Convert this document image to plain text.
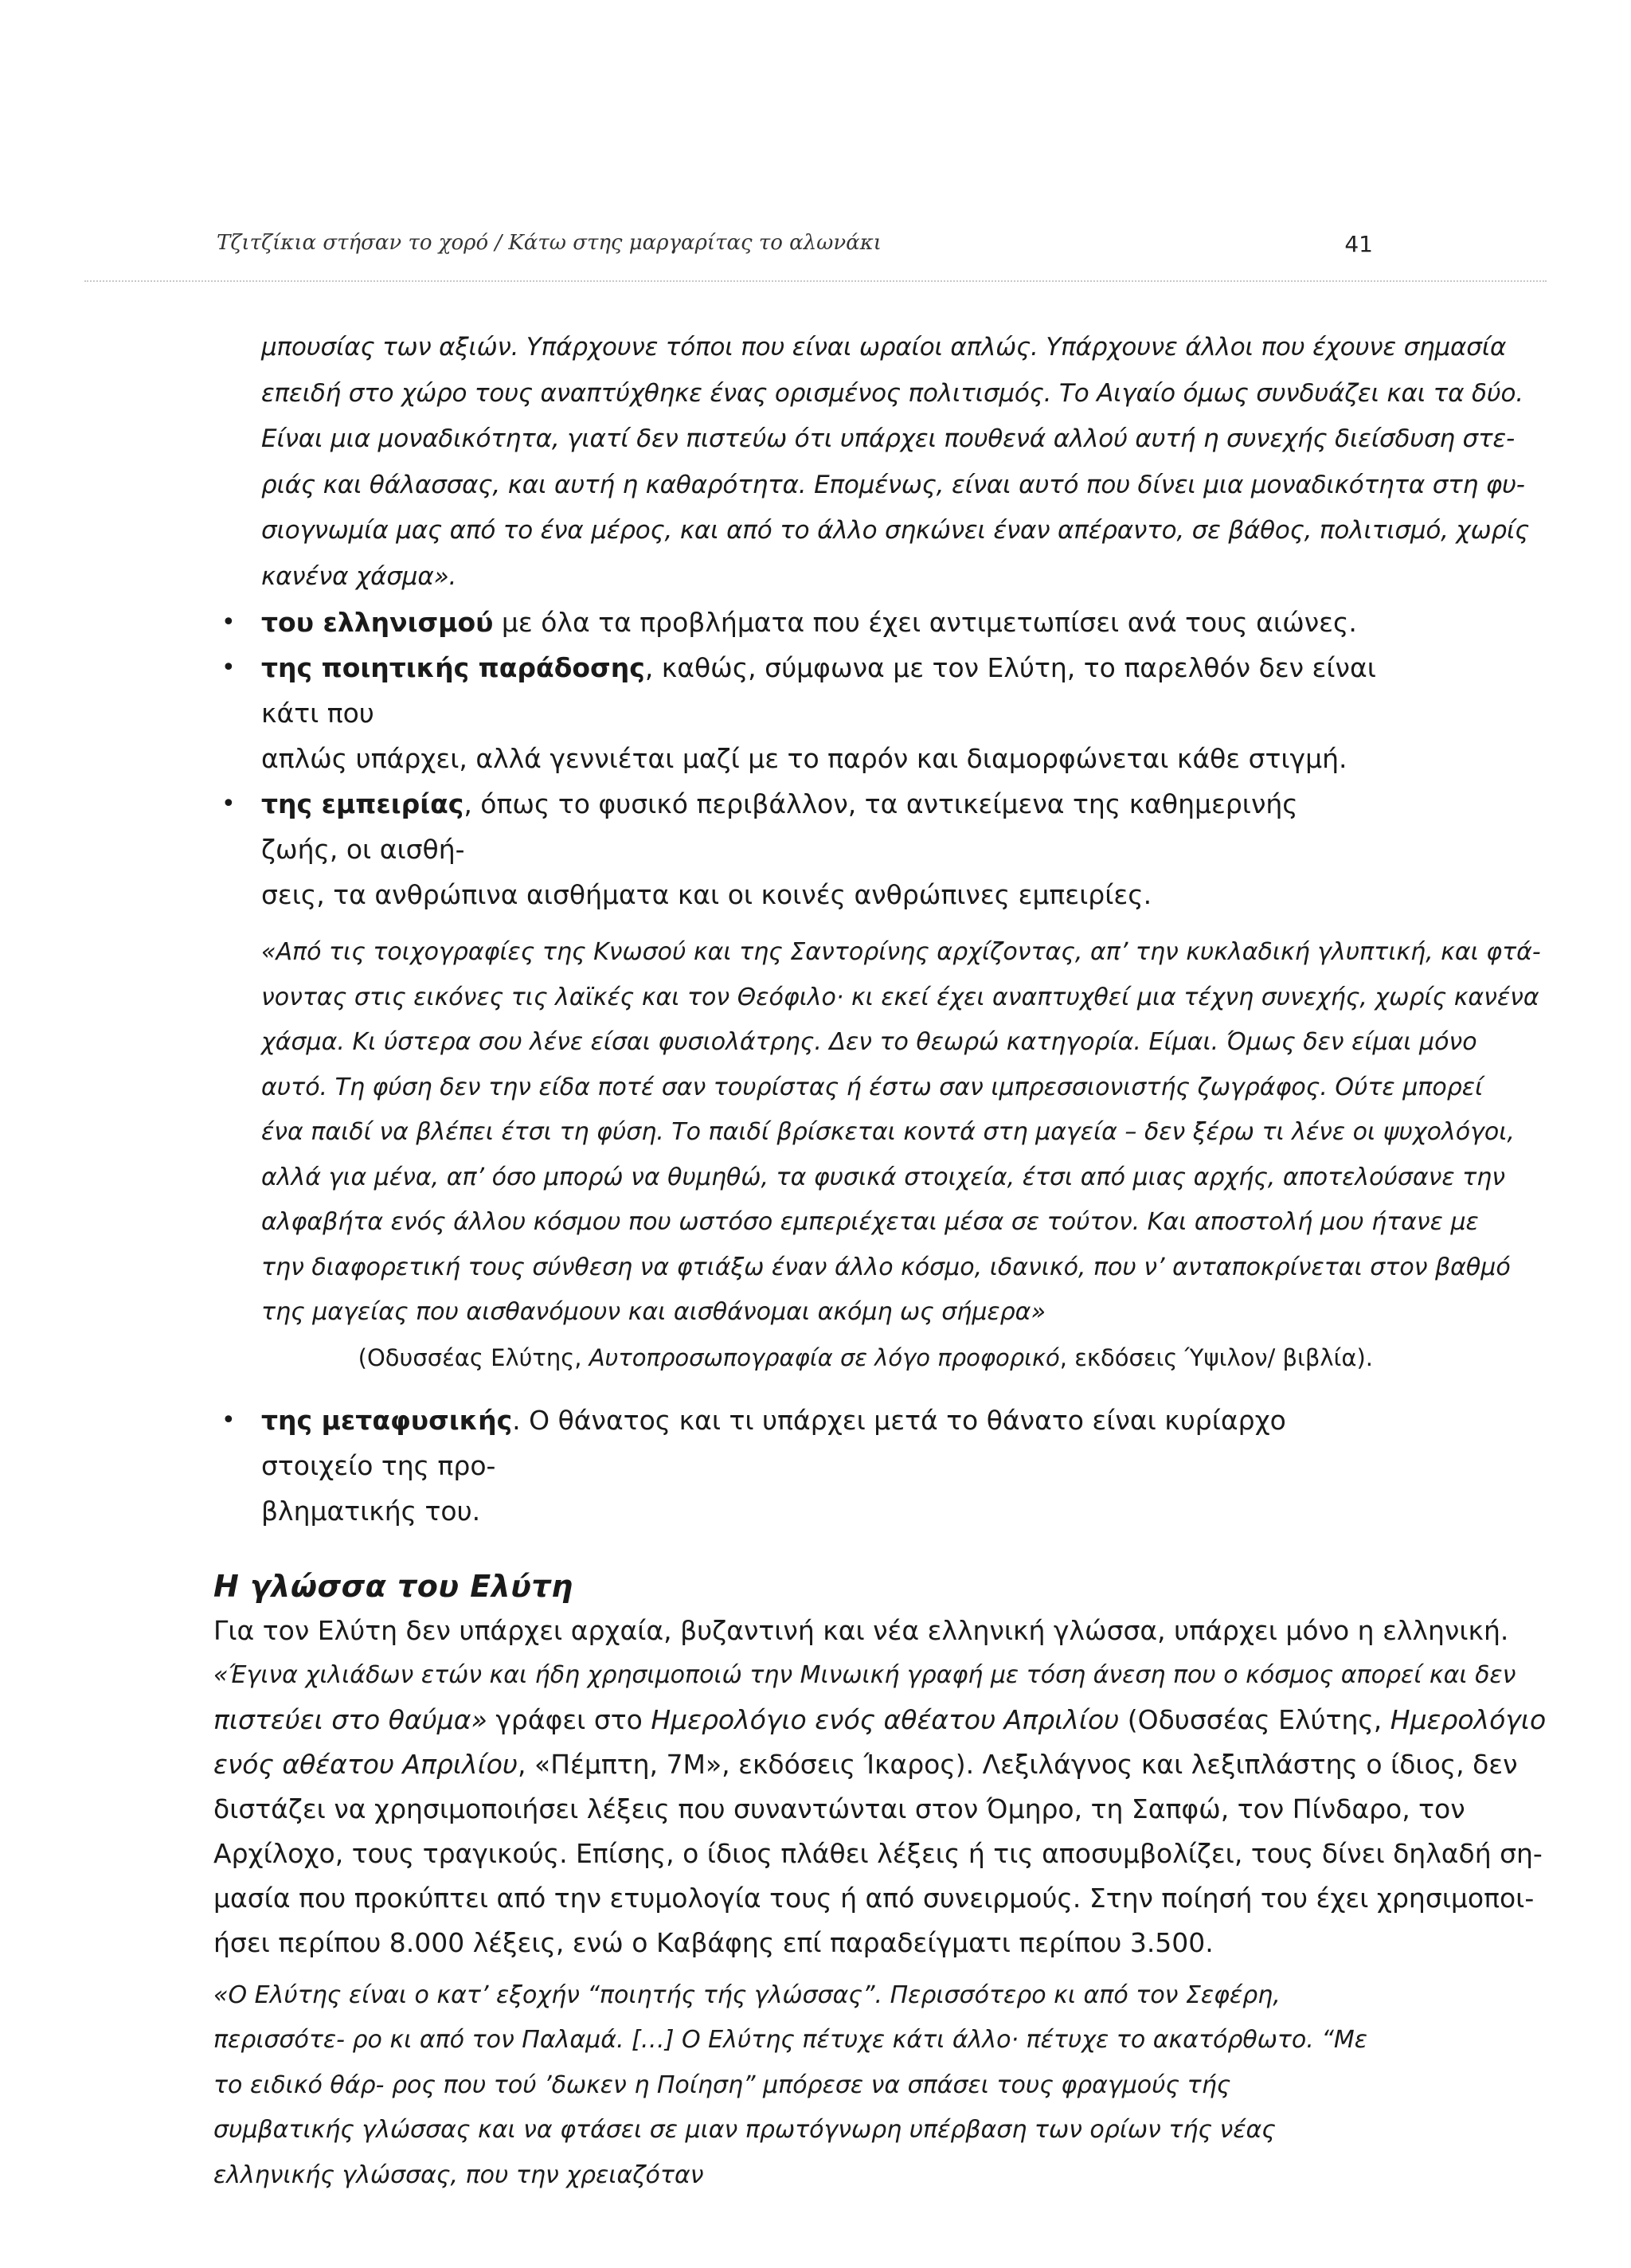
Τζιτζίκια στήσαν το χορό / Κάτω στης μαργαρίτας το αλωνάκι	41
μπουσίας των αξιών. Υπάρχουνε τόποι που είναι ωραίοι απλώς. Υπάρχουνε άλλοι που έχουνε σημασία
επειδή στο χώρο τους αναπτύχθηκε ένας ορισμένος πολιτισμός. Το Αιγαίο όμως συνδυάζει και τα δύο.
Είναι μια μοναδικότητα, γιατί δεν πιστεύω ότι υπάρχει πουθενά αλλού αυτή η συνεχής διείσδυση στε-
ριάς και θάλασσας, και αυτή η καθαρότητα. Επομένως, είναι αυτό που δίνει μια μοναδικότητα στη φυ-
σιογνωμία μας από το ένα μέρος, και από το άλλο σηκώνει έναν απέραντο, σε βάθος, πολιτισμό, χωρίς
κανένα χάσμα».
• του ελληνισμού με όλα τα προβλήματα που έχει αντιμετωπίσει ανά τους αιώνες.
• της ποιητικής παράδοσης, καθώς, σύμφωνα με τον Ελύτη, το παρελθόν δεν είναι κάτι που
απλώς υπάρχει, αλλά γεννιέται μαζί με το παρόν και διαμορφώνεται κάθε στιγμή.
• της εμπειρίας, όπως το φυσικό περιβάλλον, τα αντικείμενα της καθημερινής ζωής, οι αισθή-
σεις, τα ανθρώπινα αισθήματα και οι κοινές ανθρώπινες εμπειρίες.
«Από τις τοιχογραφίες της Κνωσού και της Σαντορίνης αρχίζοντας, απ’ την κυκλαδική γλυπτική, και φτά-
νοντας στις εικόνες τις λαϊκές και τον Θεόφιλο· κι εκεί έχει αναπτυχθεί μια τέχνη συνεχής, χωρίς κανένα
χάσμα. Κι ύστερα σου λένε είσαι φυσιολάτρης. Δεν το θεωρώ κατηγορία. Είμαι. Όμως δεν είμαι μόνο
αυτό. Τη φύση δεν την είδα ποτέ σαν τουρίστας ή έστω σαν ιμπρεσσιονιστής ζωγράφος. Ούτε μπορεί
ένα παιδί να βλέπει έτσι τη φύση. Το παιδί βρίσκεται κοντά στη μαγεία – δεν ξέρω τι λένε οι ψυχολόγοι,
αλλά για μένα, απ’ όσο μπορώ να θυμηθώ, τα φυσικά στοιχεία, έτσι από μιας αρχής, αποτελούσανε την
αλφαβήτα ενός άλλου κόσμου που ωστόσο εμπεριέχεται μέσα σε τούτον. Και αποστολή μου ήτανε με
την διαφορετική τους σύνθεση να φτιάξω έναν άλλο κόσμο, ιδανικό, που ν’ ανταποκρίνεται στον βαθμό
της μαγείας που αισθανόμουν και αισθάνομαι ακόμη ως σήμερα»
(Οδυσσέας Ελύτης, Αυτοπροσωπογραφία σε λόγο προφορικό, εκδόσεις Ύψιλον/ βιβλία).
• της μεταφυσικής. Ο θάνατος και τι υπάρχει μετά το θάνατο είναι κυρίαρχο στοιχείο της προ-
βληματικής του.
Η γλώσσα του Ελύτη
Για τον Ελύτη δεν υπάρχει αρχαία, βυζαντινή και νέα ελληνική γλώσσα, υπάρχει μόνο η ελληνική.
«Έγινα χιλιάδων ετών και ήδη χρησιμοποιώ την Μινωική γραφή με τόση άνεση που ο κόσμος απορεί και δεν
πιστεύει στο θαύμα» γράφει στο Ημερολόγιο ενός αθέατου Απριλίου (Οδυσσέας Ελύτης, Ημερολόγιο
ενός αθέατου Απριλίου, «Πέμπτη, 7Μ», εκδόσεις Ίκαρος). Λεξιλάγνος και λεξιπλάστης ο ίδιος, δεν
διστάζει να χρησιμοποιήσει λέξεις που συναντώνται στον Όμηρο, τη Σαπφώ, τον Πίνδαρο, τον
Αρχίλοχο, τους τραγικούς. Επίσης, ο ίδιος πλάθει λέξεις ή τις αποσυμβολίζει, τους δίνει δηλαδή ση-
μασία που προκύπτει από την ετυμολογία τους ή από συνειρμούς. Στην ποίησή του έχει χρησιμοποι-
ήσει περίπου 8.000 λέξεις, ενώ ο Καβάφης επί παραδείγματι περίπου 3.500.
«Ο Ελύτης είναι ο κατ’ εξοχήν “ποιητής τής γλώσσας”. Περισσότερο κι από τον Σεφέρη, περισσότε- ρο κι από τον Παλαμά. […] Ο Ελύτης πέτυχε κάτι άλλο· πέτυχε το ακατόρθωτο. “Με το ειδικό θάρ- ρος που τού ’δωκεν η Ποίηση” μπόρεσε να σπάσει τους φραγμούς τής συμβατικής γλώσσας και να φτάσει σε μιαν πρωτόγνωρη υπέρβαση των ορίων τής νέας ελληνικής γλώσσας, που την χρειαζόταν
